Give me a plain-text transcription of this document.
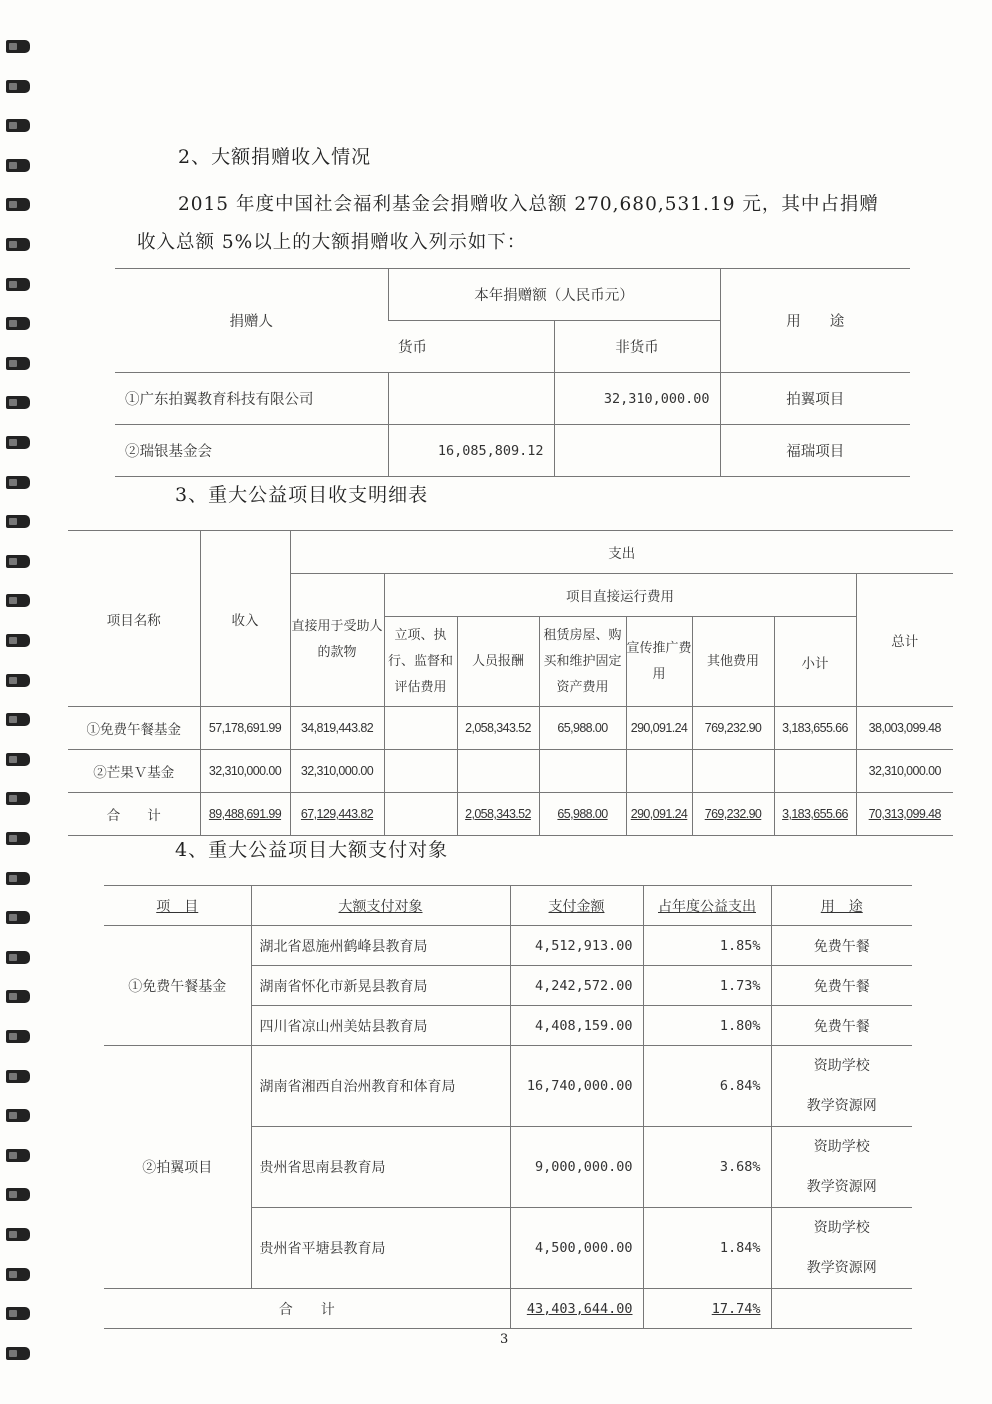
2、大额捐赠收入情况
2015 年度中国社会福利基金会捐赠收入总额 270,680,531.19 元，其中占捐赠
收入总额 5%以上的大额捐赠收入列示如下：
捐赠人	本年捐赠额（人民币元）		用　　途
	货币	非货币	
①广东拍翼教育科技有限公司		32,310,000.00	拍翼项目
②瑞银基金会	16,085,809.12		福瑞项目
3、重大公益项目收支明细表
项目名称	收入	支出							
		直接用于受助人的款物	项目直接运行费用						总计
			立项、执行、监督和评估费用	人员报酬	租赁房屋、购买和维护固定资产费用	宣传推广费用	其他费用	小计	
①免费午餐基金	57,178,691.99	34,819,443.82		2,058,343.52	65,988.00	290,091.24	769,232.90	3,183,655.66	38,003,099.48
②芒果Ｖ基金	32,310,000.00	32,310,000.00							32,310,000.00
合　　计	89,488,691.99	67,129,443.82		2,058,343.52	65,988.00	290,091.24	769,232.90	3,183,655.66	70,313,099.48
4、重大公益项目大额支付对象
项　目	大额支付对象	支付金额	占年度公益支出	用　途
①免费午餐基金	湖北省恩施州鹤峰县教育局	4,512,913.00	1.85%	免费午餐
	湖南省怀化市新晃县教育局	4,242,572.00	1.73%	免费午餐
	四川省凉山州美姑县教育局	4,408,159.00	1.80%	免费午餐
②拍翼项目	湖南省湘西自治州教育和体育局	16,740,000.00	6.84%	资助学校
教学资源网

	贵州省思南县教育局	9,000,000.00	3.68%	资助学校
教学资源网

	贵州省平塘县教育局	4,500,000.00	1.84%	资助学校
教学资源网

合　　计		43,403,644.00	17.74%	
3
